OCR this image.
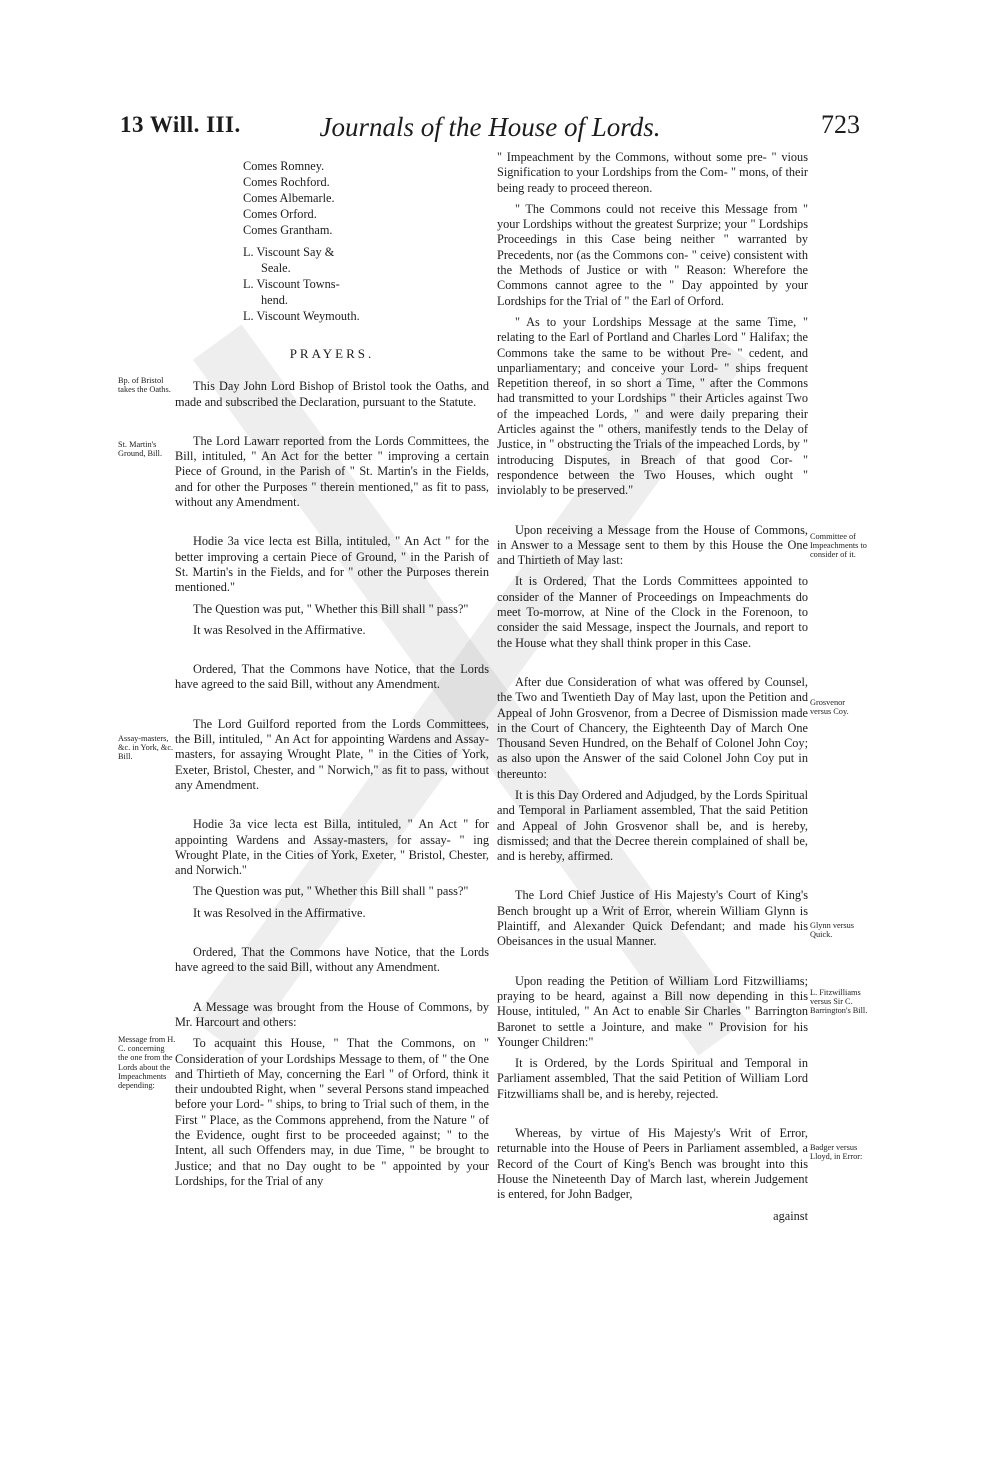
13 Will. III.	Journals of the House of Lords.	723
Bp. of Bristol takes the Oaths.
St. Martin's Ground, Bill.
Assay-masters, &c. in York, &c. Bill.
Message from H. C. concerning the one from the Lords about the Impeachments depending:
Committee of Impeachments to consider of it.
Grosvenor versus Coy.
Glynn versus Quick.
L. Fitzwilliams versus Sir C. Barrington's Bill.
Badger versus Lloyd, in Error:
Comes Romney.
Comes Rochford.
Comes Albemarle.
Comes Orford.
Comes Grantham.
L. Viscount Say &
Seale.
L. Viscount Towns-
hend.
L. Viscount Weymouth.
PRAYERS.

This Day John Lord Bishop of Bristol took the Oaths, and made and subscribed the Declaration, pursuant to the Statute.

The Lord Lawarr reported from the Lords Committees, the Bill, intituled, " An Act for the better " improving a certain Piece of Ground, in the Parish of " St. Martin's in the Fields, and for other the Purposes " therein mentioned," as fit to pass, without any Amendment.

Hodie 3a vice lecta est Billa, intituled, " An Act " for the better improving a certain Piece of Ground, " in the Parish of St. Martin's in the Fields, and for " other the Purposes therein mentioned."

The Question was put, " Whether this Bill shall " pass?"

It was Resolved in the Affirmative.

Ordered, That the Commons have Notice, that the Lords have agreed to the said Bill, without any Amendment.

The Lord Guilford reported from the Lords Committees, the Bill, intituled, " An Act for appointing Wardens and Assay-masters, for assaying Wrought Plate, " in the Cities of York, Exeter, Bristol, Chester, and " Norwich," as fit to pass, without any Amendment.

Hodie 3a vice lecta est Billa, intituled, " An Act " for appointing Wardens and Assay-masters, for assay- " ing Wrought Plate, in the Cities of York, Exeter, " Bristol, Chester, and Norwich."

The Question was put, " Whether this Bill shall " pass?"

It was Resolved in the Affirmative.

Ordered, That the Commons have Notice, that the Lords have agreed to the said Bill, without any Amendment.

A Message was brought from the House of Commons, by Mr. Harcourt and others:

To acquaint this House, " That the Commons, on " Consideration of your Lordships Message to them, of " the One and Thirtieth of May, concerning the Earl " of Orford, think it their undoubted Right, when " several Persons stand impeached before your Lord- " ships, to bring to Trial such of them, in the First " Place, as the Commons apprehend, from the Nature " of the Evidence, ought first to be proceeded against; " to the Intent, all such Offenders may, in due Time, " be brought to Justice; and that no Day ought to be " appointed by your Lordships, for the Trial of any

" Impeachment by the Commons, without some pre- " vious Signification to your Lordships from the Com- " mons, of their being ready to proceed thereon.

" The Commons could not receive this Message from " your Lordships without the greatest Surprize; your " Lordships Proceedings in this Case being neither " warranted by Precedents, nor (as the Commons con- " ceive) consistent with the Methods of Justice or with " Reason: Wherefore the Commons cannot agree to the " Day appointed by your Lordships for the Trial of " the Earl of Orford.

" As to your Lordships Message at the same Time, " relating to the Earl of Portland and Charles Lord " Halifax; the Commons take the same to be without Pre- " cedent, and unparliamentary; and conceive your Lord- " ships frequent Repetition thereof, in so short a Time, " after the Commons had transmitted to your Lordships " their Articles against Two of the impeached Lords, " and were daily preparing their Articles against the " others, manifestly tends to the Delay of Justice, in " obstructing the Trials of the impeached Lords, by " introducing Disputes, in Breach of that good Cor- " respondence between the Two Houses, which ought " inviolably to be preserved."

Upon receiving a Message from the House of Commons, in Answer to a Message sent to them by this House the One and Thirtieth of May last:

It is Ordered, That the Lords Committees appointed to consider of the Manner of Proceedings on Impeachments do meet To-morrow, at Nine of the Clock in the Forenoon, to consider the said Message, inspect the Journals, and report to the House what they shall think proper in this Case.

After due Consideration of what was offered by Counsel, the Two and Twentieth Day of May last, upon the Petition and Appeal of John Grosvenor, from a Decree of Dismission made in the Court of Chancery, the Eighteenth Day of March One Thousand Seven Hundred, on the Behalf of Colonel John Coy; as also upon the Answer of the said Colonel John Coy put in thereunto:

It is this Day Ordered and Adjudged, by the Lords Spiritual and Temporal in Parliament assembled, That the said Petition and Appeal of John Grosvenor shall be, and is hereby, dismissed; and that the Decree therein complained of shall be, and is hereby, affirmed.

The Lord Chief Justice of His Majesty's Court of King's Bench brought up a Writ of Error, wherein William Glynn is Plaintiff, and Alexander Quick Defendant; and made his Obeisances in the usual Manner.

Upon reading the Petition of William Lord Fitzwilliams; praying to be heard, against a Bill now depending in this House, intituled, " An Act to enable Sir Charles " Barrington Baronet to settle a Jointure, and make " Provision for his Younger Children:"

It is Ordered, by the Lords Spiritual and Temporal in Parliament assembled, That the said Petition of William Lord Fitzwilliams shall be, and is hereby, rejected.

Whereas, by virtue of His Majesty's Writ of Error, returnable into the House of Peers in Parliament assembled, a Record of the Court of King's Bench was brought into this House the Nineteenth Day of March last, wherein Judgement is entered, for John Badger,

against
